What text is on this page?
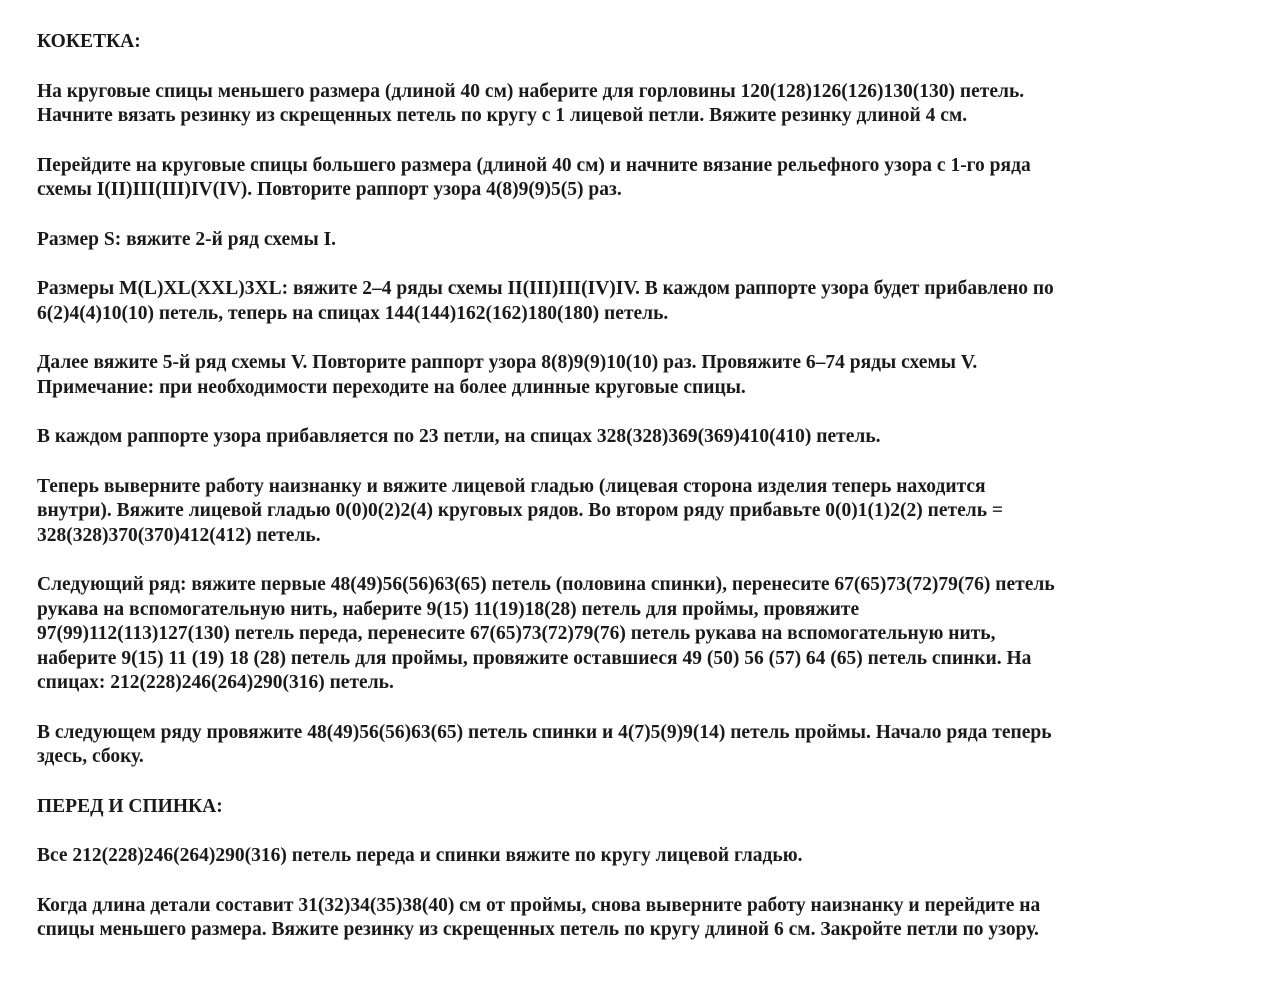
КОКЕТКА:
На круговые спицы меньшего размера (длиной 40 см) наберите для горловины 120(128)126(126)130(130) петель.
Начните вязать резинку из скрещенных петель по кругу с 1 лицевой петли. Вяжите резинку длиной 4 см.
Перейдите на круговые спицы большего размера (длиной 40 см) и начните вязание рельефного узора с 1-го ряда
схемы I(II)III(III)IV(IV). Повторите раппорт узора 4(8)9(9)5(5) раз.
Размер S: вяжите 2-й ряд схемы I.
Размеры M(L)XL(XXL)3XL: вяжите 2–4 ряды схемы II(III)III(IV)IV. В каждом раппорте узора будет прибавлено по
6(2)4(4)10(10) петель, теперь на спицах 144(144)162(162)180(180) петель.
Далее вяжите 5-й ряд схемы V. Повторите раппорт узора 8(8)9(9)10(10) раз. Провяжите 6–74 ряды схемы V.
Примечание: при необходимости переходите на более длинные круговые спицы.
В каждом раппорте узора прибавляется по 23 петли, на спицах 328(328)369(369)410(410) петель.
Теперь выверните работу наизнанку и вяжите лицевой гладью (лицевая сторона изделия теперь находится
внутри). Вяжите лицевой гладью 0(0)0(2)2(4) круговых рядов. Во втором ряду прибавьте 0(0)1(1)2(2) петель =
328(328)370(370)412(412) петель.
Следующий ряд: вяжите первые 48(49)56(56)63(65) петель (половина спинки), перенесите 67(65)73(72)79(76) петель
рукава на вспомогательную нить, наберите 9(15) 11(19)18(28) петель для проймы, провяжите
97(99)112(113)127(130) петель переда, перенесите 67(65)73(72)79(76) петель рукава на вспомогательную нить,
наберите 9(15) 11 (19) 18 (28) петель для проймы, провяжите оставшиеся 49 (50) 56 (57) 64 (65) петель спинки. На
спицах: 212(228)246(264)290(316) петель.
В следующем ряду провяжите 48(49)56(56)63(65) петель спинки и 4(7)5(9)9(14) петель проймы. Начало ряда теперь
здесь, сбоку.
ПЕРЕД И СПИНКА:
Все 212(228)246(264)290(316) петель переда и спинки вяжите по кругу лицевой гладью.
Когда длина детали составит 31(32)34(35)38(40) см от проймы, снова выверните работу наизнанку и перейдите на
спицы меньшего размера. Вяжите резинку из скрещенных петель по кругу длиной 6 см. Закройте петли по узору.
